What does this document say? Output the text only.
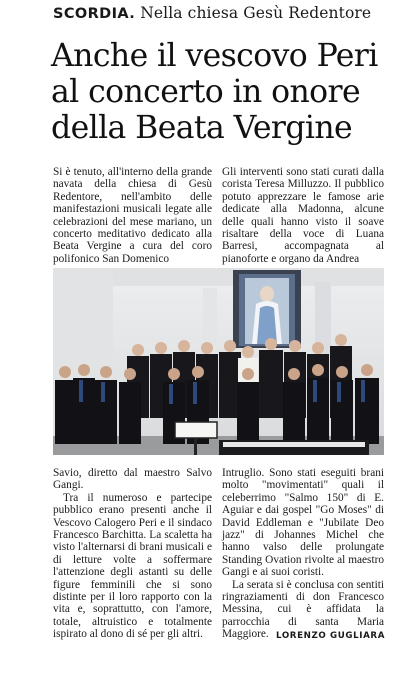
SCORDIA. Nella chiesa Gesù Redentore
Anche il vescovo Peri
al concerto in onore
della Beata Vergine

Si è tenuto, all'interno della grande navata della chiesa di Gesù Redentore, nell'ambito delle manifestazioni musicali legate alle celebrazioni del mese mariano, un concerto meditativo dedicato alla Beata Vergine a cura del coro polifonico San Domenico

Gli interventi sono stati curati dalla corista Teresa Milluzzo. Il pubblico potuto apprezzare le famose arie dedicate alla Madonna, alcune delle quali hanno visto il soave risaltare della voce di Luana Barresi, accompagnata al pianoforte e organo da Andrea

Savio, diretto dal maestro Salvo Gangi.

Tra il numeroso e partecipe pubblico erano presenti anche il Vescovo Calogero Peri e il sindaco Francesco Barchitta. La scaletta ha visto l'alternarsi di brani musicali e di letture volte a soffermare l'attenzione degli astanti su delle figure femminili che si sono distinte per il loro rapporto con la vita e, soprattutto, con l'amore, totale, altruistico e totalmente ispirato al dono di sé per gli altri.

Intruglio. Sono stati eseguiti brani molto "movimentati" quali il celeberrimo "Salmo 150" di E. Aguiar e dai gospel "Go Moses" di David Eddleman e "Jubilate Deo jazz" di Johannes Michel che hanno valso delle prolungate Standing Ovation rivolte al maestro Gangi e ai suoi coristi.

La serata si è conclusa con sentiti ringraziamenti di don Francesco Messina, cui è affidata la parrocchia di santa Maria Maggiore. LORENZO GUGLIARA
